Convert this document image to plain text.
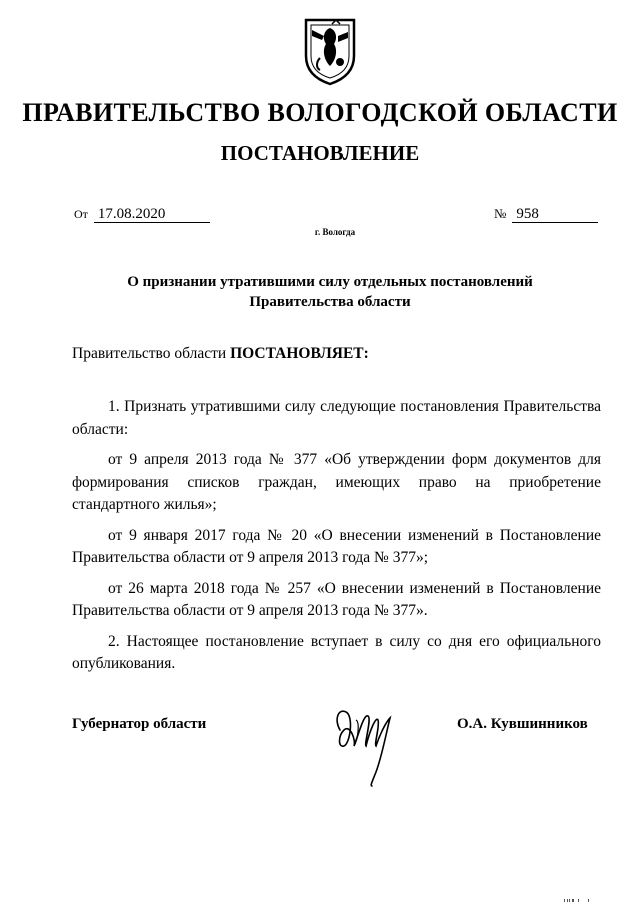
ПРАВИТЕЛЬСТВО ВОЛОГОДСКОЙ ОБЛАСТИ
ПОСТАНОВЛЕНИЕ
От 17.08.2020	№ 958
г. Вологда
О признании утратившими силу отдельных постановлений
Правительства области

Правительство области ПОСТАНОВЛЯЕТ:

1. Признать утратившими силу следующие постановления Правительства области:

от 9 апреля 2013 года № 377 «Об утверждении форм документов для формирования списков граждан, имеющих право на приобретение стандартного жилья»;

от 9 января 2017 года № 20 «О внесении изменений в Постановление Правительства области от 9 апреля 2013 года № 377»;

от 26 марта 2018 года № 257 «О внесении изменений в Постановление Правительства области от 9 апреля 2013 года № 377».

2. Настоящее постановление вступает в силу со дня его официального опубликования.

Губернатор области	О.А. Кувшинников
